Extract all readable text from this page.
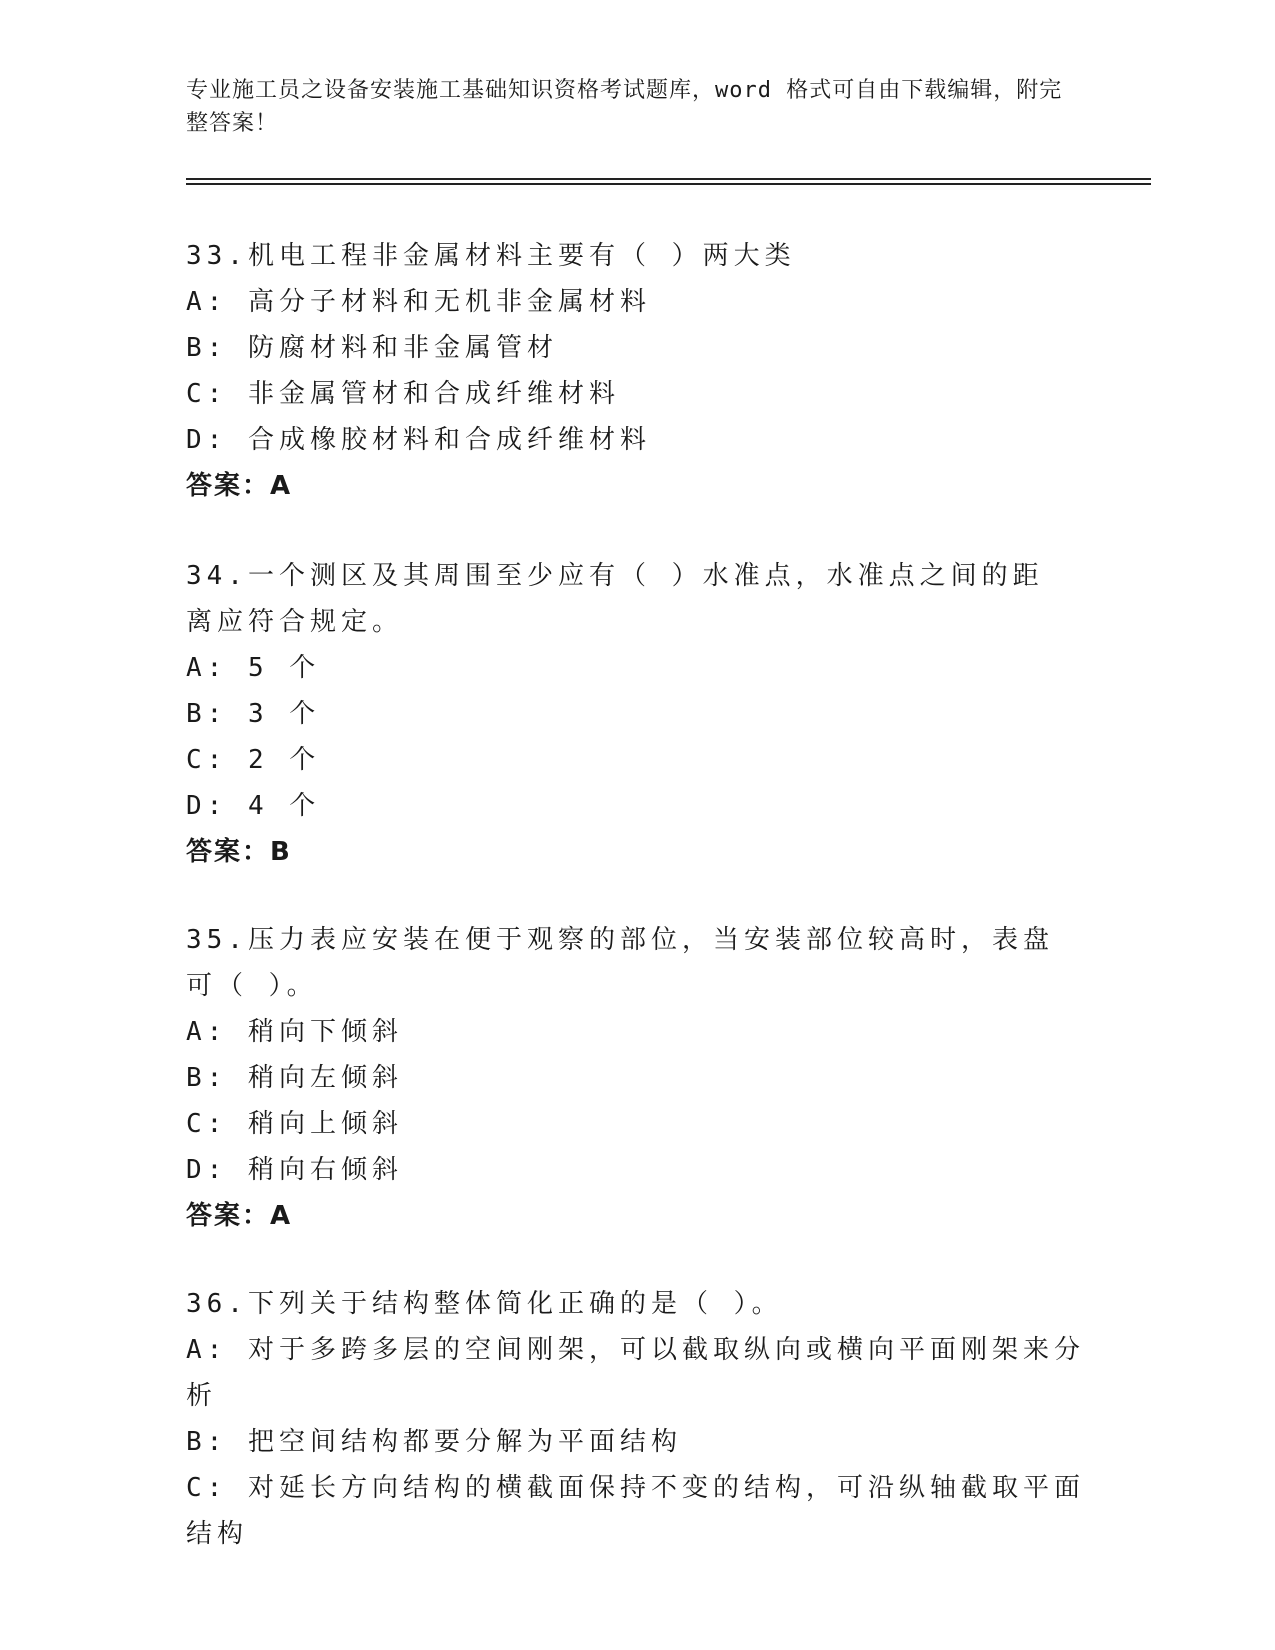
专业施工员之设备安装施工基础知识资格考试题库，word 格式可自由下载编辑，附完整答案！
33.机电工程非金属材料主要有（ ）两大类
A: 高分子材料和无机非金属材料
B: 防腐材料和非金属管材
C: 非金属管材和合成纤维材料
D: 合成橡胶材料和合成纤维材料
答案：A
34.一个测区及其周围至少应有（ ）水准点，水准点之间的距离应符合规定。
A: 5 个
B: 3 个
C: 2 个
D: 4 个
答案：B
35.压力表应安装在便于观察的部位，当安装部位较高时，表盘可（ ）。
A: 稍向下倾斜
B: 稍向左倾斜
C: 稍向上倾斜
D: 稍向右倾斜
答案：A
36.下列关于结构整体简化正确的是（ ）。
A: 对于多跨多层的空间刚架，可以截取纵向或横向平面刚架来分析
B: 把空间结构都要分解为平面结构
C: 对延长方向结构的横截面保持不变的结构，可沿纵轴截取平面结构
